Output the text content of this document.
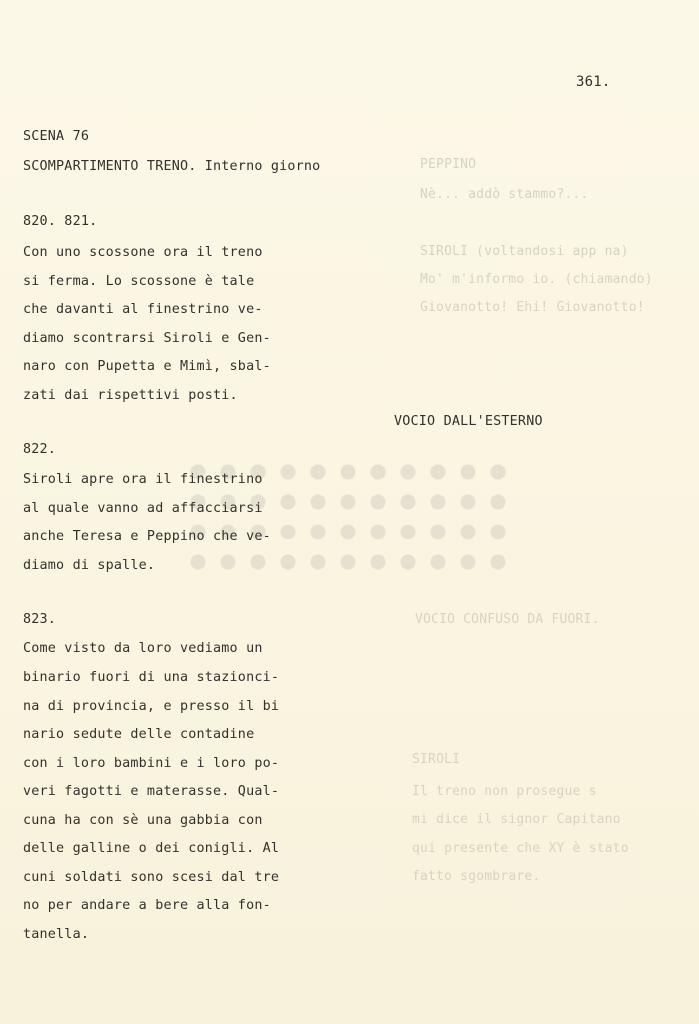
PEPPINO
Nè... addò stammo?...
SIROLI (voltandosi app na)
Mo' m'informo io. (chiamando)
Giovanotto! Ehi! Giovanotto!
VOCIO CONFUSO DA FUORI.
SIROLI
Il treno non prosegue s
mi dice il signor Capitano
qui presente che XY è stato
fatto sgombrare.
361.
SCENA 76
SCOMPARTIMENTO TRENO. Interno giorno
820. 821.
Con uno scossone ora il treno
si ferma. Lo scossone è tale
che davanti al finestrino ve-
diamo scontrarsi Siroli e Gen-
naro con Pupetta e Mimì, sbal-
zati dai rispettivi posti.
VOCIO DALL'ESTERNO
822.
Siroli apre ora il finestrino
al quale vanno ad affacciarsi
anche Teresa e Peppino che ve-
diamo di spalle.
823.
Come visto da loro vediamo un
binario fuori di una stazionci-
na di provincia, e presso il bi
nario sedute delle contadine
con i loro bambini e i loro po-
veri fagotti e materasse. Qual-
cuna ha con sè una gabbia con
delle galline o dei conigli. Al
cuni soldati sono scesi dal tre
no per andare a bere alla fon-
tanella.
